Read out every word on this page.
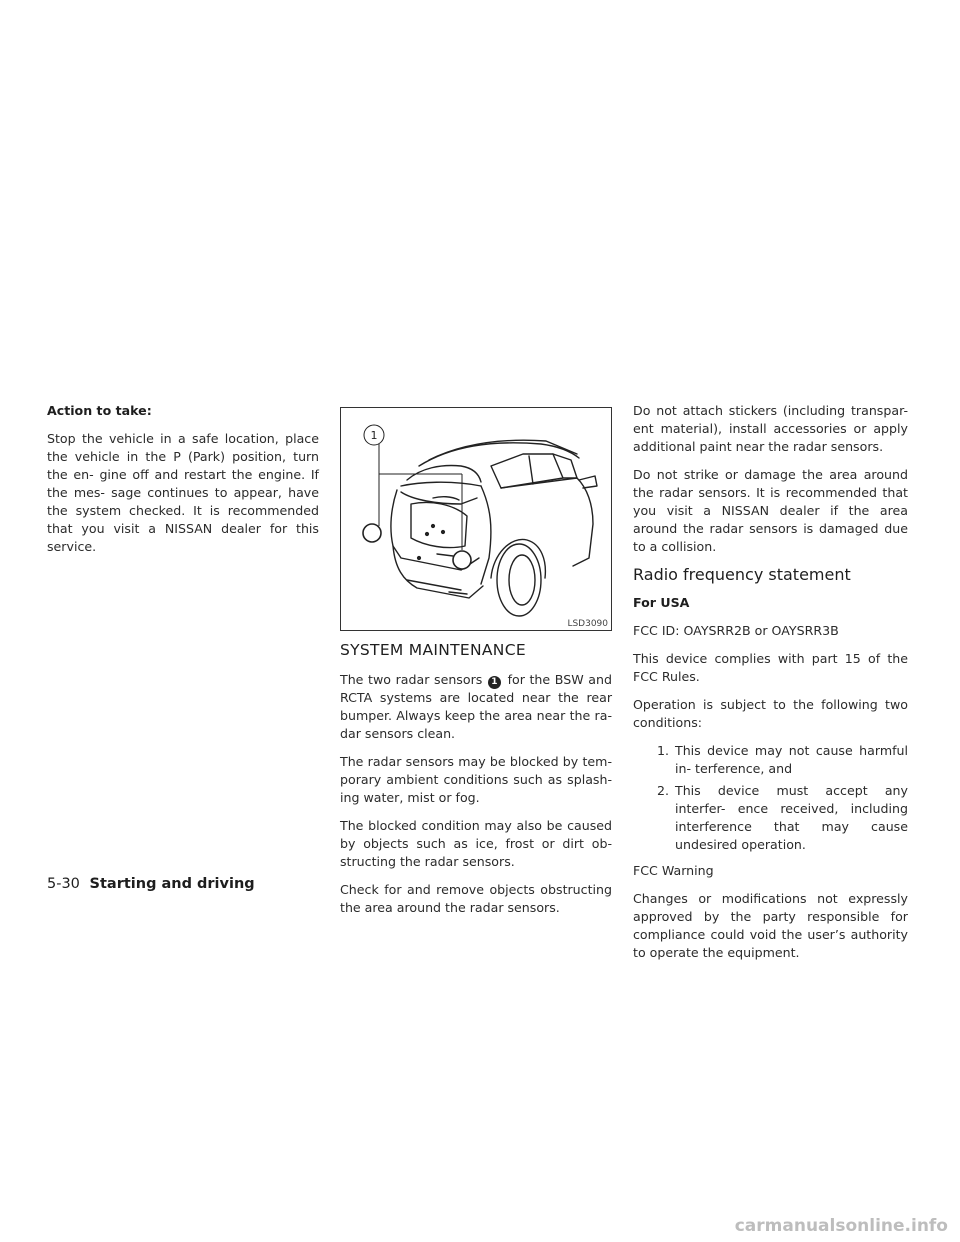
Action to take:

Stop the vehicle in a safe location, place the vehicle in the P (Park) position, turn the en- gine off and restart the engine. If the mes- sage continues to appear, have the system checked. It is recommended that you visit a NISSAN dealer for this service.

1
LSD3090
SYSTEM MAINTENANCE

The two radar sensors 1 for the BSW and RCTA systems are located near the rear bumper. Always keep the area near the ra- dar sensors clean.

The radar sensors may be blocked by tem- porary ambient conditions such as splash- ing water, mist or fog.

The blocked condition may also be caused by objects such as ice, frost or dirt ob- structing the radar sensors.

Check for and remove objects obstructing the area around the radar sensors.

Do not attach stickers (including transpar- ent material), install accessories or apply additional paint near the radar sensors.

Do not strike or damage the area around the radar sensors. It is recommended that you visit a NISSAN dealer if the area around the radar sensors is damaged due to a collision.

Radio frequency statement

For USA

FCC ID: OAYSRR2B or OAYSRR3B

This device complies with part 15 of the FCC Rules.

Operation is subject to the following two conditions:

1. This device may not cause harmful in- terference, and
2. This device must accept any interfer- ence received, including interference that may cause undesired operation.

FCC Warning

Changes or modifications not expressly approved by the party responsible for compliance could void the user’s authority to operate the equipment.

5-30 Starting and driving
carmanualsonline.info
